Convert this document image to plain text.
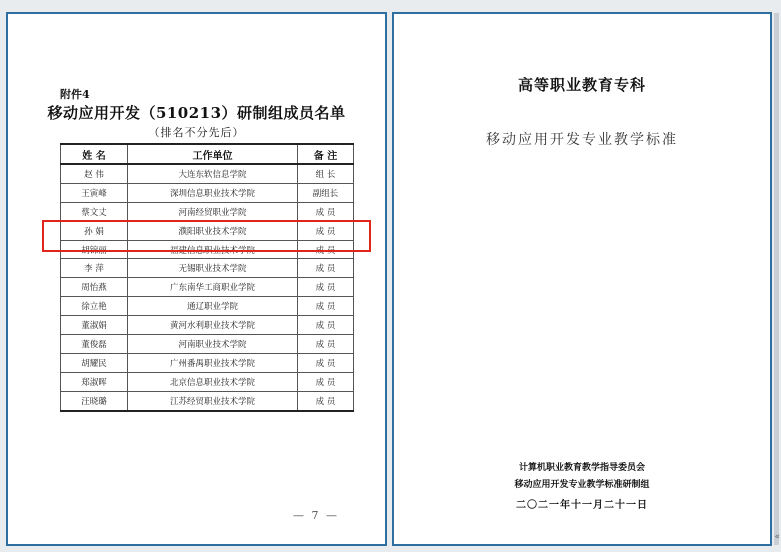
附件4
移动应用开发（510213）研制组成员名单
（排名不分先后）
姓 名	工作单位	备 注
赵 伟	大连东软信息学院	组 长
王寅峰	深圳信息职业技术学院	副组长
蔡文丈	河南经贸职业学院	成 员
孙 娟	濮阳职业技术学院	成 员
胡锦丽	福建信息职业技术学院	成 员
李 萍	无锡职业技术学院	成 员
周怡燕	广东南华工商职业学院	成 员
徐立艳	通辽职业学院	成 员
董淑娟	黄河水利职业技术学院	成 员
董俊磊	河南职业技术学院	成 员
胡耀民	广州番禺职业技术学院	成 员
郑淑晖	北京信息职业技术学院	成 员
汪晓璐	江苏经贸职业技术学院	成 员
— 7 —
高等职业教育专科
移动应用开发专业教学标准
计算机职业教育教学指导委员会
移动应用开发专业教学标准研制组
二〇二一年十一月二十一日
«
